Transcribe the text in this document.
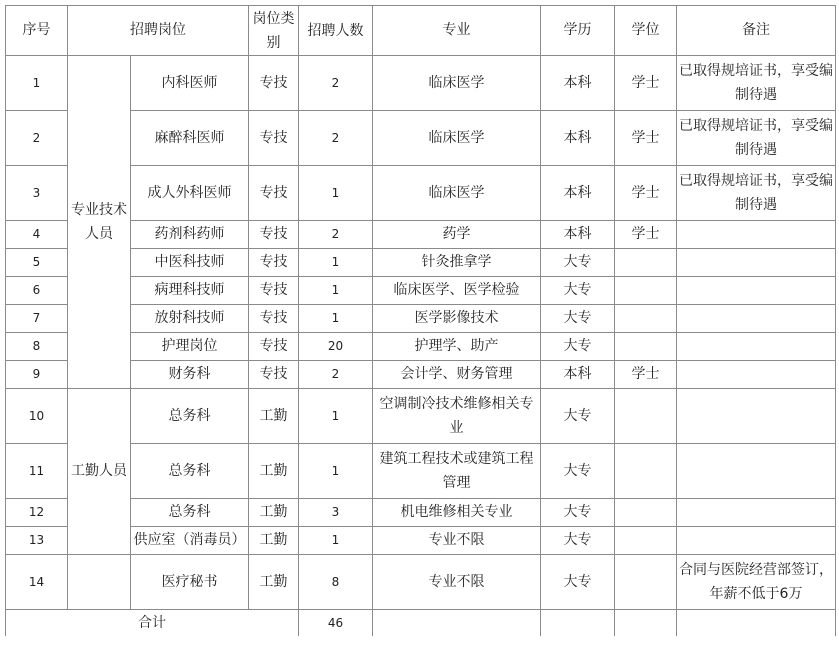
序号	招聘岗位		岗位类别	招聘人数	专业	学历	学位	备注
1	专业技术人员	内科医师	专技	2	临床医学	本科	学士	已取得规培证书，享受编制待遇
2		麻醉科医师	专技	2	临床医学	本科	学士	已取得规培证书，享受编制待遇
3		成人外科医师	专技	1	临床医学	本科	学士	已取得规培证书，享受编制待遇
4		药剂科药师	专技	2	药学	本科	学士	
5		中医科技师	专技	1	针灸推拿学	大专		
6		病理科技师	专技	1	临床医学、医学检验	大专		
7		放射科技师	专技	1	医学影像技术	大专		
8		护理岗位	专技	20	护理学、助产	大专		
9		财务科	专技	2	会计学、财务管理	本科	学士	
10	工勤人员	总务科	工勤	1	空调制冷技术维修相关专业	大专		
11		总务科	工勤	1	建筑工程技术或建筑工程管理	大专		
12		总务科	工勤	3	机电维修相关专业	大专		
13		供应室（消毒员）	工勤	1	专业不限	大专		
14		医疗秘书	工勤	8	专业不限	大专		合同与医院经营部签订，年薪不低于6万
合计				46				
